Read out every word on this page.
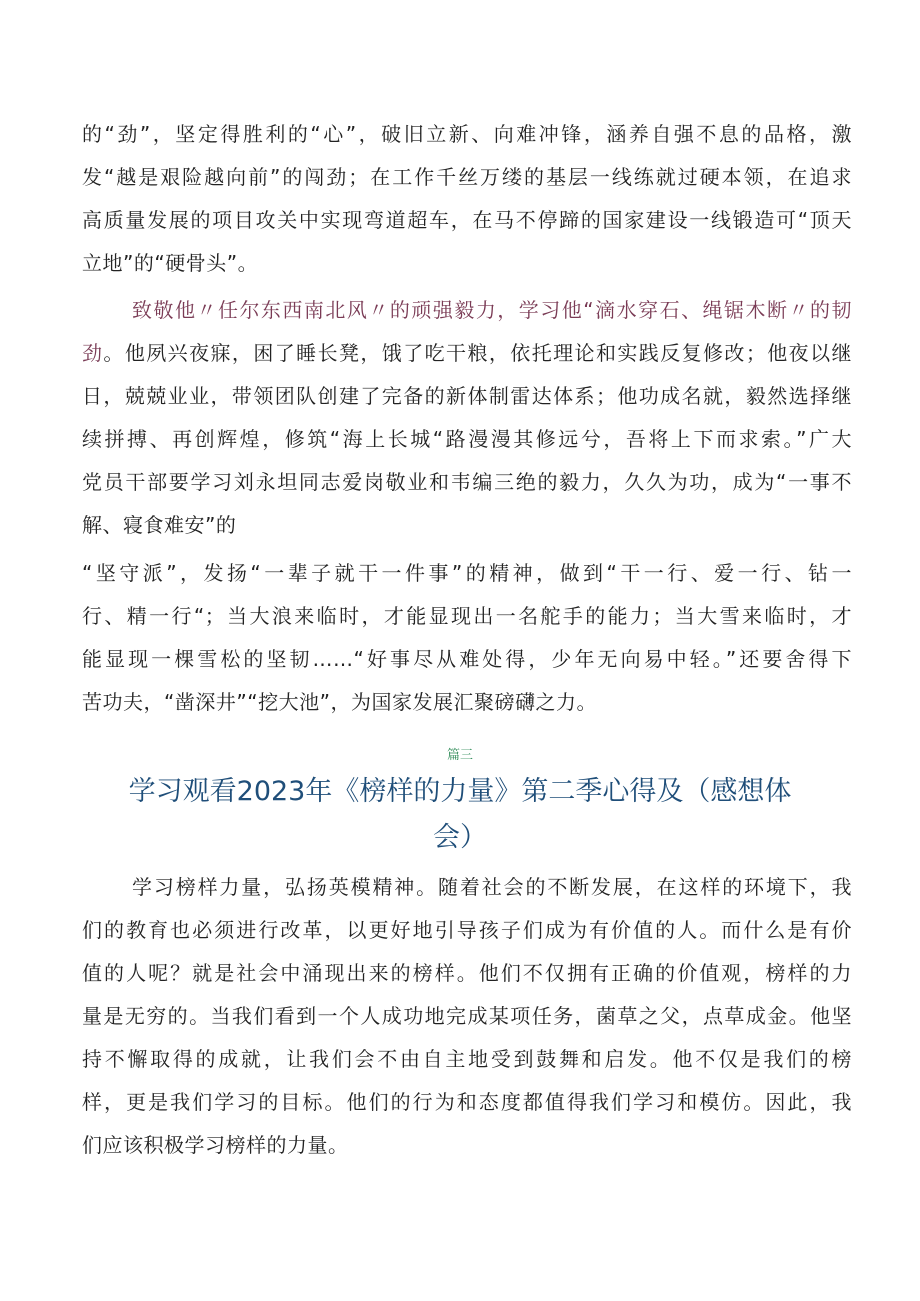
的“劲”，坚定得胜利的“心”，破旧立新、向难冲锋，涵养自强不息的品格，激
发“越是艰险越向前”的闯劲；在工作千丝万缕的基层一线练就过硬本领，在追求
高质量发展的项目攻关中实现弯道超车，在马不停蹄的国家建设一线锻造可“顶天
立地”的“硬骨头”。
致敬他〃任尔东西南北风〃的顽强毅力，学习他“滴水穿石、绳锯木断〃的韧
劲。他夙兴夜寐，困了睡长凳，饿了吃干粮，依托理论和实践反复修改；他夜以继
日，兢兢业业，带领团队创建了完备的新体制雷达体系；他功成名就，毅然选择继
续拼搏、再创辉煌，修筑“海上长城“路漫漫其修远兮，吾将上下而求索。”广大
党员干部要学习刘永坦同志爱岗敬业和韦编三绝的毅力，久久为功，成为“一事不
解、寝食难安”的
“坚守派”，发扬“一辈子就干一件事”的精神，做到“干一行、爱一行、钻一
行、精一行“；当大浪来临时，才能显现出一名舵手的能力；当大雪来临时，才
能显现一棵雪松的坚韧……“好事尽从难处得，少年无向易中轻。”还要舍得下
苦功夫，“凿深井”“挖大池”，为国家发展汇聚磅礴之力。
篇三
学习观看2023年《榜样的力量》第二季心得及（感想体
会）
学习榜样力量，弘扬英模精神。随着社会的不断发展，在这样的环境下，我
们的教育也必须进行改革，以更好地引导孩子们成为有价值的人。而什么是有价
值的人呢？就是社会中涌现出来的榜样。他们不仅拥有正确的价值观，榜样的力
量是无穷的。当我们看到一个人成功地完成某项任务，菌草之父，点草成金。他坚
持不懈取得的成就，让我们会不由自主地受到鼓舞和启发。他不仅是我们的榜
样，更是我们学习的目标。他们的行为和态度都值得我们学习和模仿。因此，我
们应该积极学习榜样的力量。
